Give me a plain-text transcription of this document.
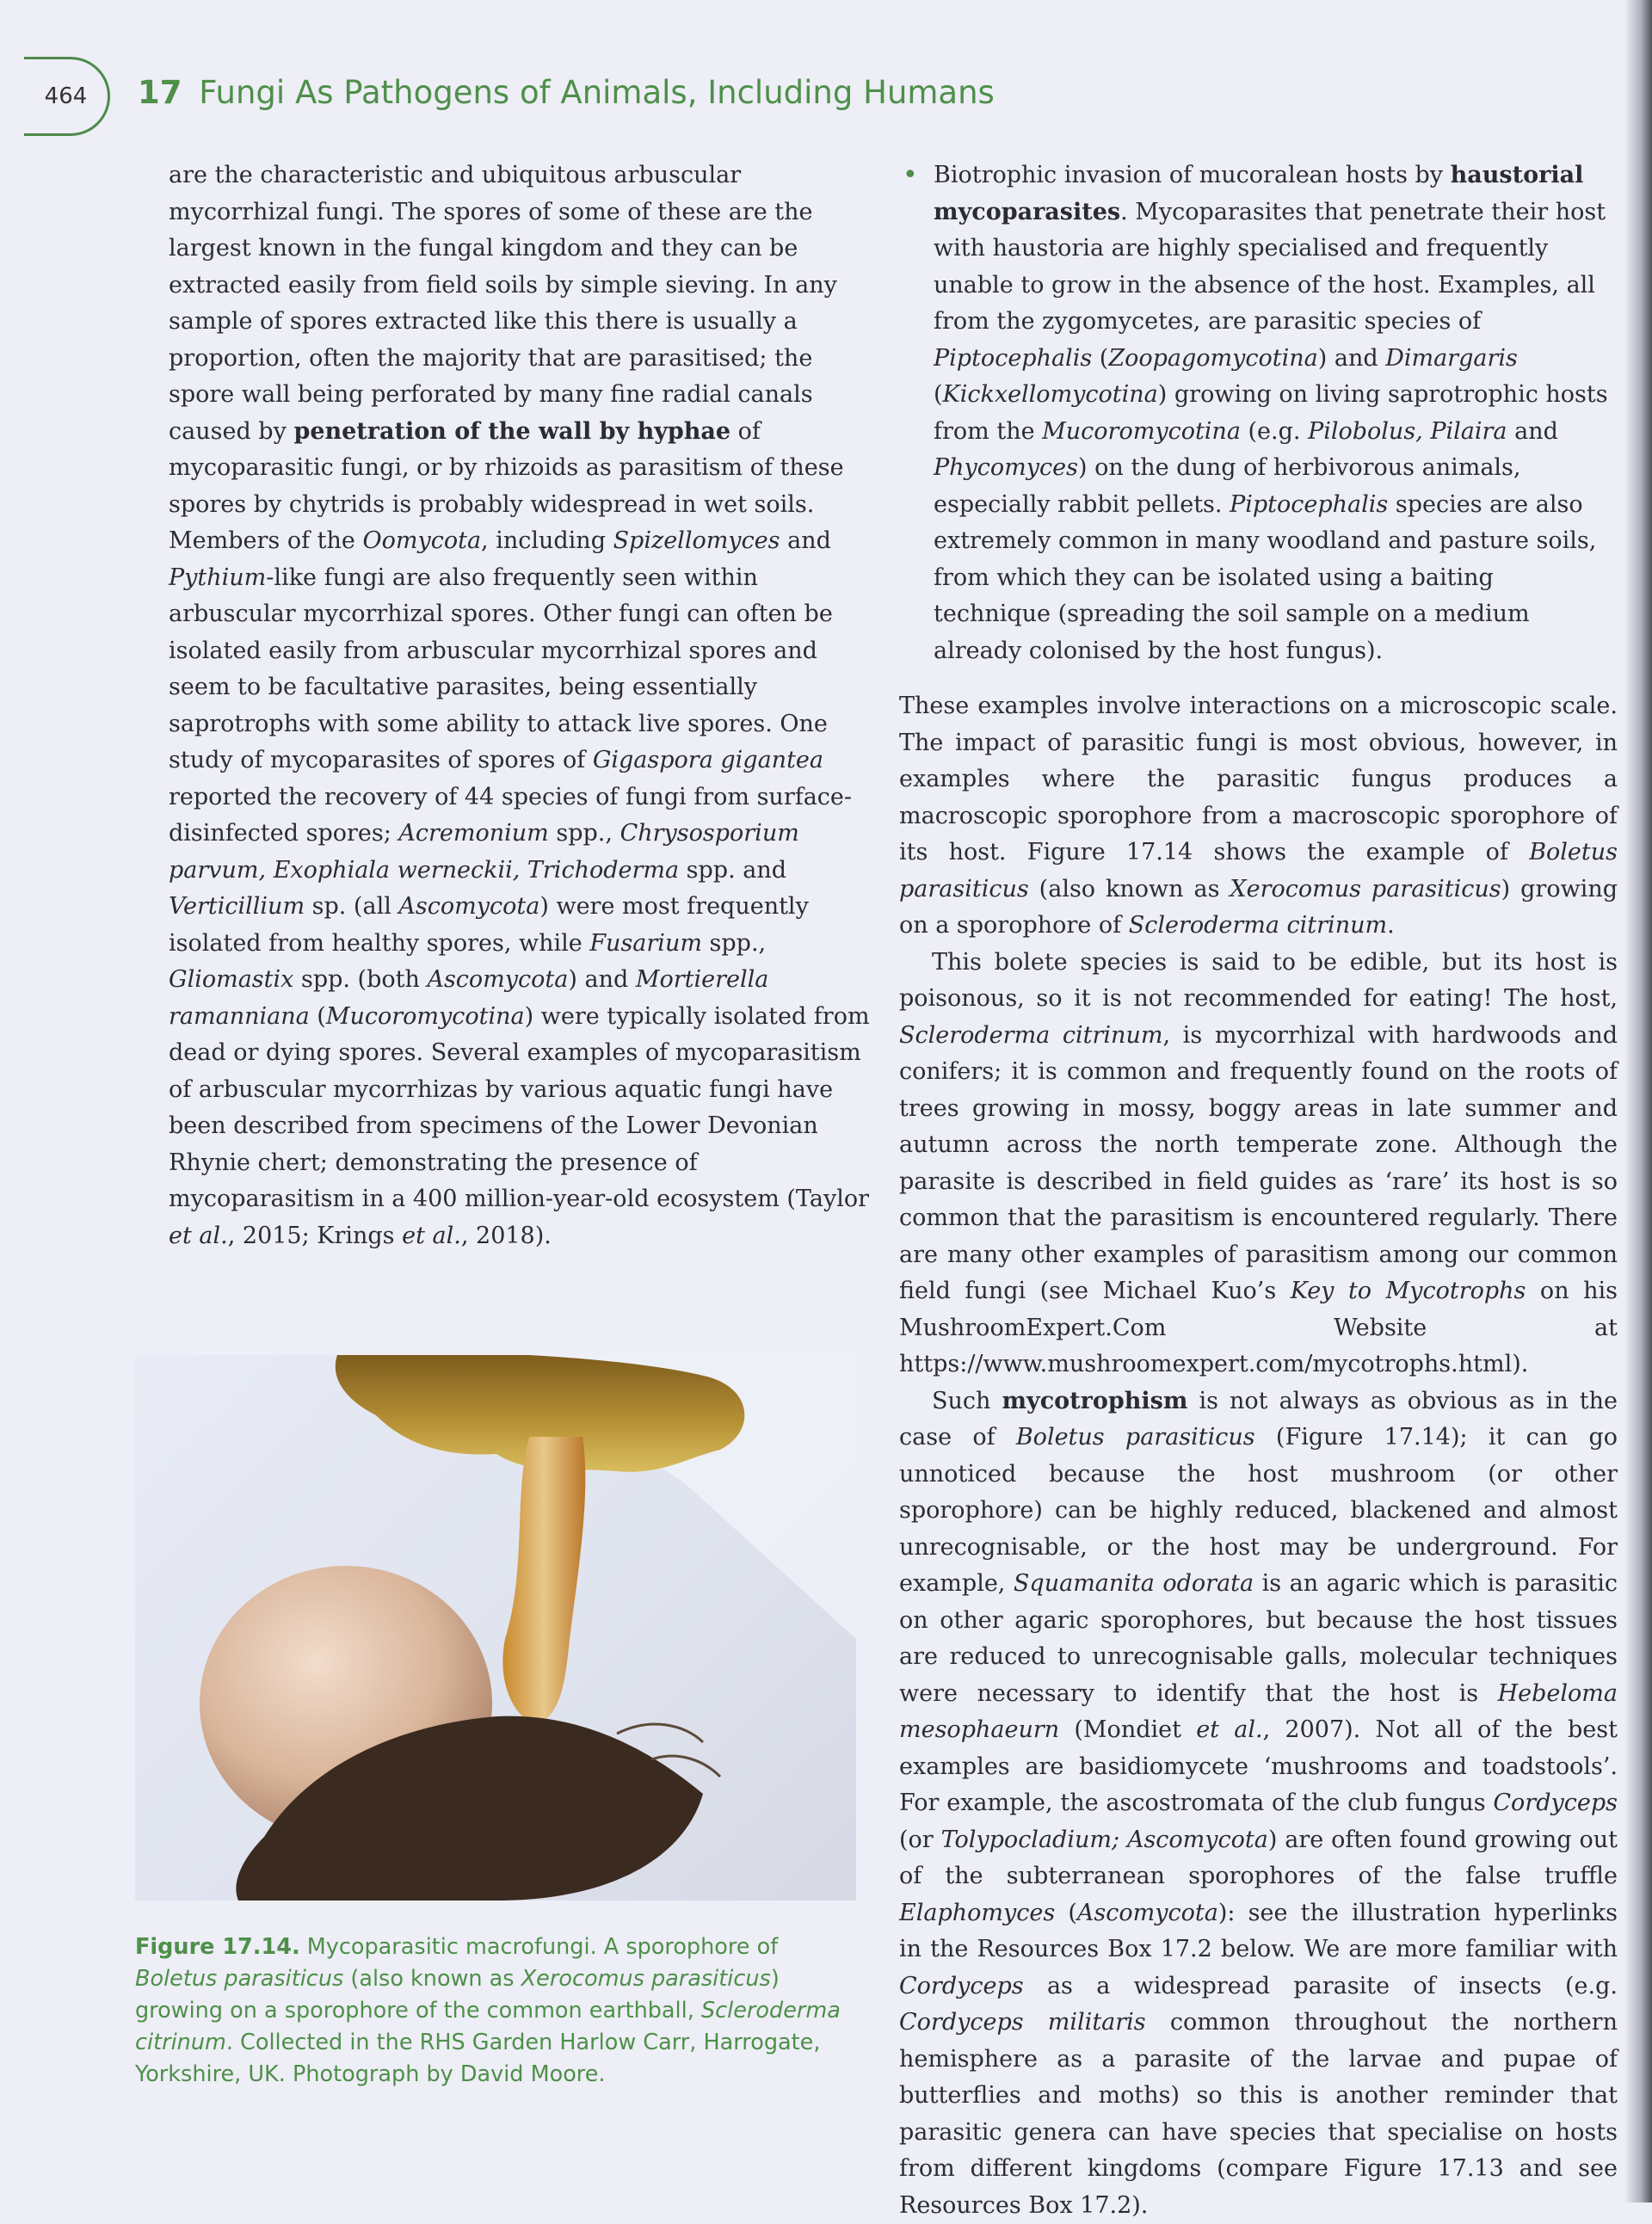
464	17 Fungi As Pathogens of Animals, Including Humans

are the characteristic and ubiquitous arbuscular mycorrhizal fungi. The spores of some of these are the largest known in the fungal kingdom and they can be extracted easily from field soils by simple sieving. In any sample of spores extracted like this there is usually a proportion, often the majority that are parasitised; the spore wall being perforated by many fine radial canals caused by penetration of the wall by hyphae of mycoparasitic fungi, or by rhizoids as parasitism of these spores by chytrids is probably widespread in wet soils. Members of the Oomycota, including Spizellomyces and Pythium-like fungi are also frequently seen within arbuscular mycorrhizal spores. Other fungi can often be isolated easily from arbuscular mycorrhizal spores and seem to be facultative parasites, being essentially saprotrophs with some ability to attack live spores. One study of mycoparasites of spores of Gigaspora gigantea reported the recovery of 44 species of fungi from surface-disinfected spores; Acremonium spp., Chrysosporium parvum, Exophiala werneckii, Trichoderma spp. and Verticillium sp. (all Ascomycota) were most frequently isolated from healthy spores, while Fusarium spp., Gliomastix spp. (both Ascomycota) and Mortierella ramanniana (Mucoromycotina) were typically isolated from dead or dying spores. Several examples of mycoparasitism of arbuscular mycorrhizas by various aquatic fungi have been described from specimens of the Lower Devonian Rhynie chert; demonstrating the presence of mycoparasitism in a 400 million-year-old ecosystem (Taylor et al., 2015; Krings et al., 2018).

• Biotrophic invasion of mucoralean hosts by haustorial mycoparasites. Mycoparasites that penetrate their host with haustoria are highly specialised and frequently unable to grow in the absence of the host. Examples, all from the zygomycetes, are parasitic species of Piptocephalis (Zoopagomycotina) and Dimargaris (Kickxellomycotina) growing on living saprotrophic hosts from the Mucoromycotina (e.g. Pilobolus, Pilaira and Phycomyces) on the dung of herbivorous animals, especially rabbit pellets. Piptocephalis species are also extremely common in many woodland and pasture soils, from which they can be isolated using a baiting technique (spreading the soil sample on a medium already colonised by the host fungus).

These examples involve interactions on a microscopic scale. The impact of parasitic fungi is most obvious, however, in examples where the parasitic fungus produces a macroscopic sporophore from a macroscopic sporophore of its host. Figure 17.14 shows the example of Boletus parasiticus (also known as Xerocomus parasiticus) growing on a sporophore of Scleroderma citrinum.

This bolete species is said to be edible, but its host is poisonous, so it is not recommended for eating! The host, Scleroderma citrinum, is mycorrhizal with hardwoods and conifers; it is common and frequently found on the roots of trees growing in mossy, boggy areas in late summer and autumn across the north temperate zone. Although the parasite is described in field guides as ‘rare’ its host is so common that the parasitism is encountered regularly. There are many other examples of parasitism among our common field fungi (see Michael Kuo’s Key to Mycotrophs on his MushroomExpert.Com Website at https://www.mushroomexpert.com/mycotrophs.html).

Such mycotrophism is not always as obvious as in the case of Boletus parasiticus (Figure 17.14); it can go unnoticed because the host mushroom (or other sporophore) can be highly reduced, blackened and almost unrecognisable, or the host may be underground. For example, Squamanita odorata is an agaric which is parasitic on other agaric sporophores, but because the host tissues are reduced to unrecognisable galls, molecular techniques were necessary to identify that the host is Hebeloma mesophaeurn (Mondiet et al., 2007). Not all of the best examples are basidiomycete ‘mushrooms and toadstools’. For example, the ascostromata of the club fungus Cordyceps (or Tolypocladium; Ascomycota) are often found growing out of the subterranean sporophores of the false truffle Elaphomyces (Ascomycota): see the illustration hyperlinks in the Resources Box 17.2 below. We are more familiar with Cordyceps as a widespread parasite of insects (e.g. Cordyceps militaris common throughout the northern hemisphere as a parasite of the larvae and pupae of butterflies and moths) so this is another reminder that parasitic genera can have species that specialise on hosts from different kingdoms (compare Figure 17.13 and see Resources Box 17.2).

Figure 17.14. Mycoparasitic macrofungi. A sporophore of Boletus parasiticus (also known as Xerocomus parasiticus) growing on a sporophore of the common earthball, Scleroderma citrinum. Collected in the RHS Garden Harlow Carr, Harrogate, Yorkshire, UK. Photograph by David Moore.
